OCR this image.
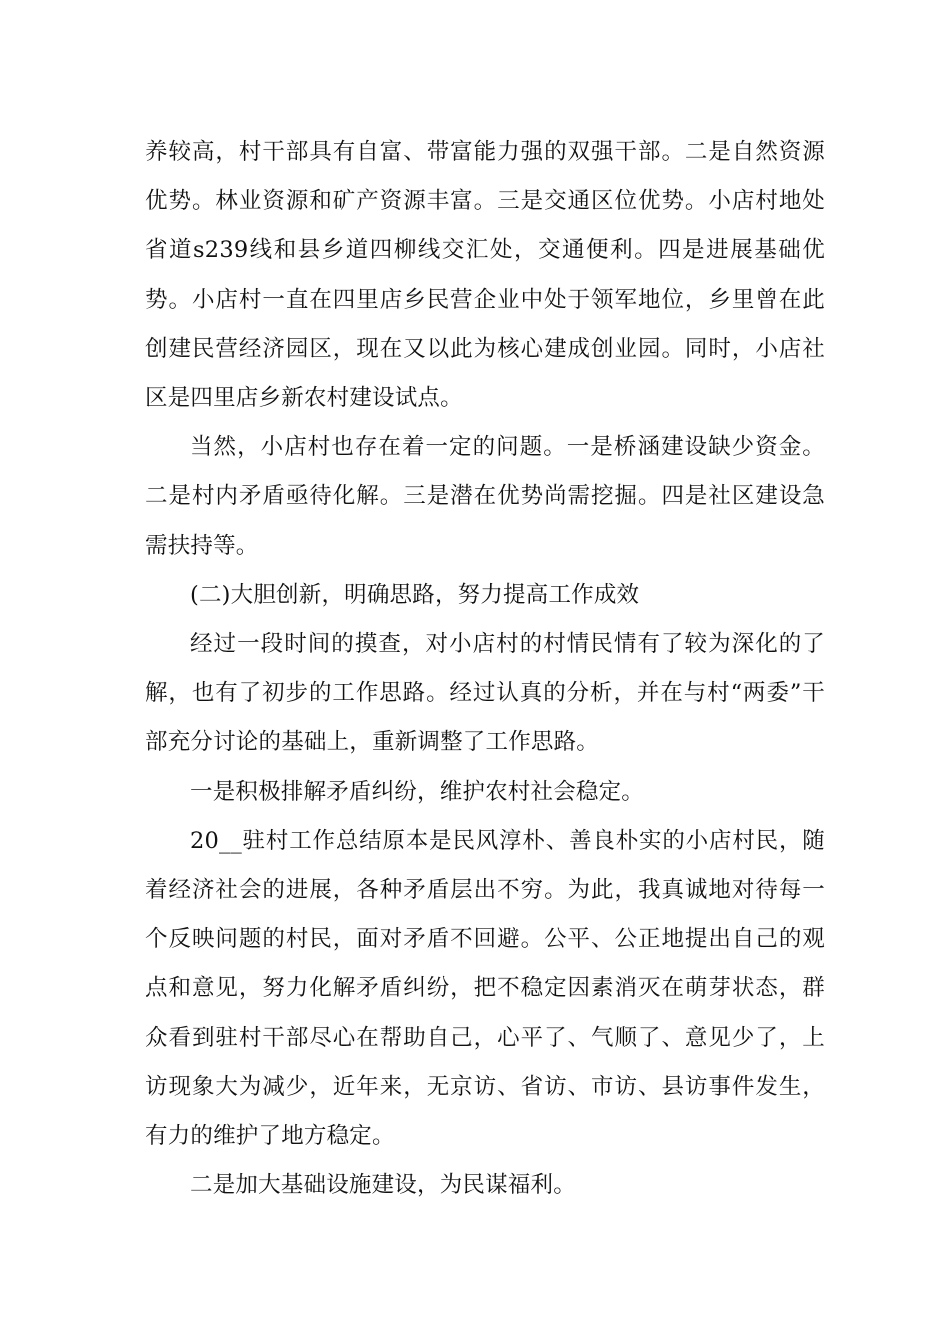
养较高，村干部具有自富、带富能力强的双强干部。二是自然资源优势。林业资源和矿产资源丰富。三是交通区位优势。小店村地处省道s239线和县乡道四柳线交汇处，交通便利。四是进展基础优势。小店村一直在四里店乡民营企业中处于领军地位，乡里曾在此创建民营经济园区，现在又以此为核心建成创业园。同时，小店社区是四里店乡新农村建设试点。

当然，小店村也存在着一定的问题。一是桥涵建设缺少资金。二是村内矛盾亟待化解。三是潜在优势尚需挖掘。四是社区建设急需扶持等。

(二)大胆创新，明确思路，努力提高工作成效

经过一段时间的摸查，对小店村的村情民情有了较为深化的了解，也有了初步的工作思路。经过认真的分析，并在与村“两委”干部充分讨论的基础上，重新调整了工作思路。

一是积极排解矛盾纠纷，维护农村社会稳定。

20__驻村工作总结原本是民风淳朴、善良朴实的小店村民，随着经济社会的进展，各种矛盾层出不穷。为此，我真诚地对待每一个反映问题的村民，面对矛盾不回避。公平、公正地提出自己的观点和意见，努力化解矛盾纠纷，把不稳定因素消灭在萌芽状态，群众看到驻村干部尽心在帮助自己，心平了、气顺了、意见少了，上访现象大为减少，近年来，无京访、省访、市访、县访事件发生，有力的维护了地方稳定。

二是加大基础设施建设，为民谋福利。
